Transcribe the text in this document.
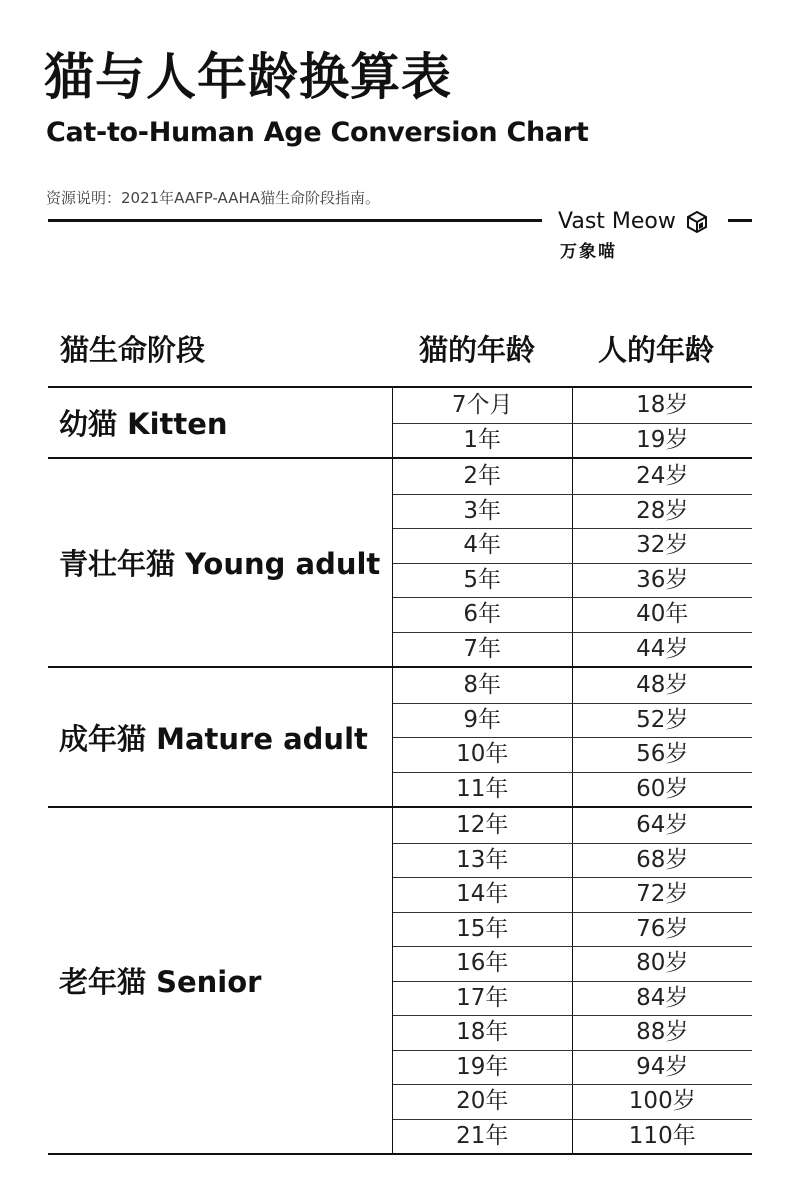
猫与人年龄换算表
Cat-to-Human Age Conversion Chart
资源说明：2021年AAFP-AAHA猫生命阶段指南。
Vast Meow
万象喵
猫生命阶段	猫的年龄 人的年龄
幼猫 Kitten
7个月	18岁
1年	19岁
青壮年猫 Young adult
2年	24岁
3年	28岁
4年	32岁
5年	36岁
6年	40年
7年	44岁
成年猫 Mature adult
8年	48岁
9年	52岁
10年	56岁
11年	60岁
老年猫 Senior
12年	64岁
13年	68岁
14年	72岁
15年	76岁
16年	80岁
17年	84岁
18年	88岁
19年	94岁
20年	100岁
21年	110年
